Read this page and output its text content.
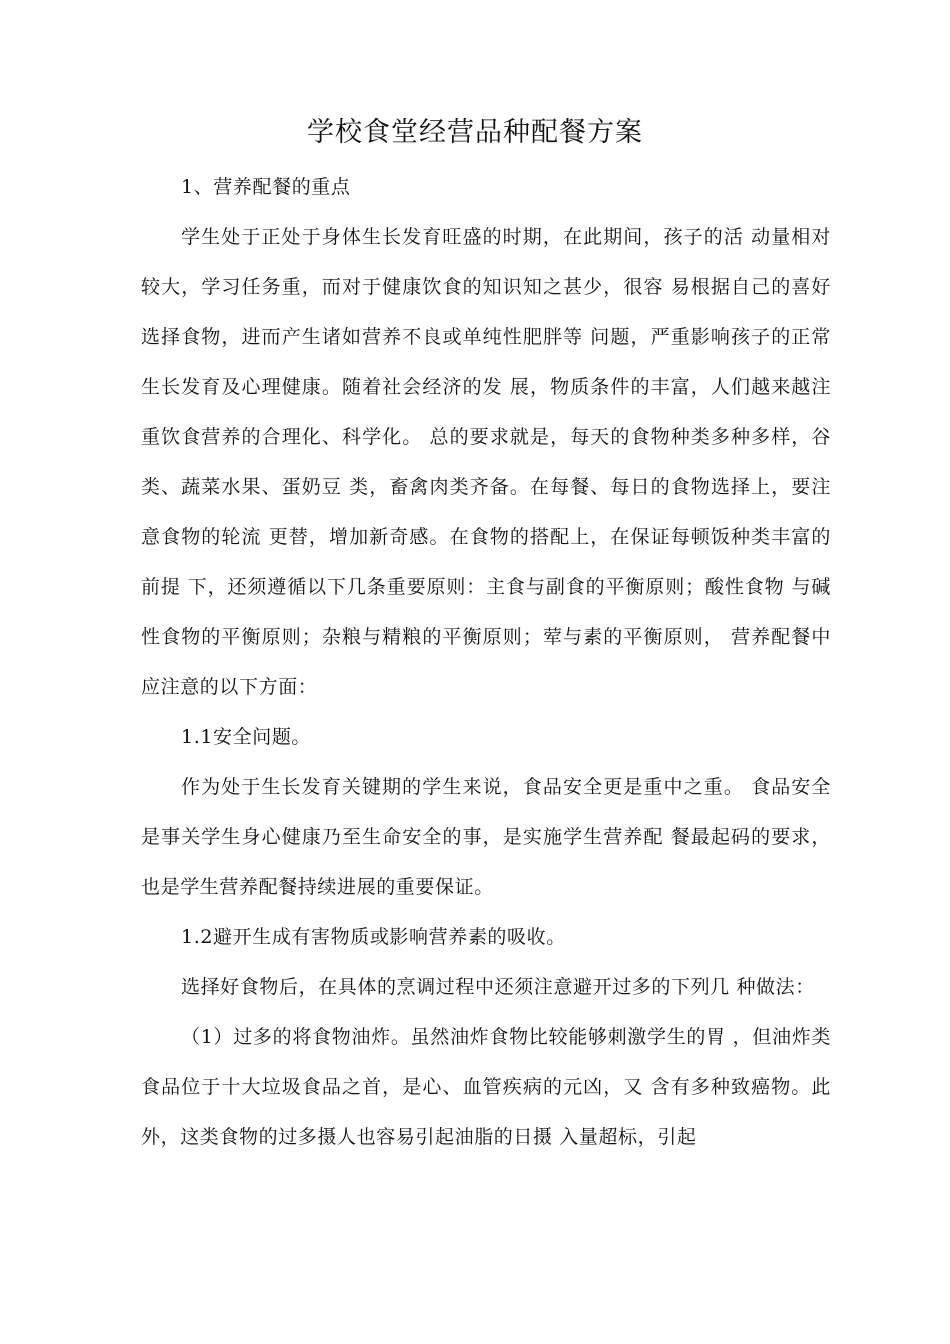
学校食堂经营品种配餐方案

1、营养配餐的重点

学生处于正处于身体生长发育旺盛的时期，在此期间，孩子的活 动量相对较大，学习任务重，而对于健康饮食的知识知之甚少，很容 易根据自己的喜好选择食物，进而产生诸如营养不良或单纯性肥胖等 问题，严重影响孩子的正常生长发育及心理健康。随着社会经济的发 展，物质条件的丰富，人们越来越注重饮食营养的合理化、科学化。 总的要求就是，每天的食物种类多种多样，谷类、蔬菜水果、蛋奶豆 类，畜禽肉类齐备。在每餐、每日的食物选择上，要注意食物的轮流 更替，增加新奇感。在食物的搭配上，在保证每顿饭种类丰富的前提 下，还须遵循以下几条重要原则：主食与副食的平衡原则；酸性食物 与碱性食物的平衡原则；杂粮与精粮的平衡原则；荤与素的平衡原则， 营养配餐中应注意的以下方面：

1.1安全问题。

作为处于生长发育关键期的学生来说，食品安全更是重中之重。 食品安全是事关学生身心健康乃至生命安全的事，是实施学生营养配 餐最起码的要求，也是学生营养配餐持续进展的重要保证。

1.2避开生成有害物质或影响营养素的吸收。

选择好食物后，在具体的烹调过程中还须注意避开过多的下列几 种做法：

（1）过多的将食物油炸。虽然油炸食物比较能够刺激学生的胃 ，但油炸类食品位于十大垃圾食品之首，是心、血管疾病的元凶，又 含有多种致癌物。此外，这类食物的过多摄人也容易引起油脂的日摄 入量超标，引起
